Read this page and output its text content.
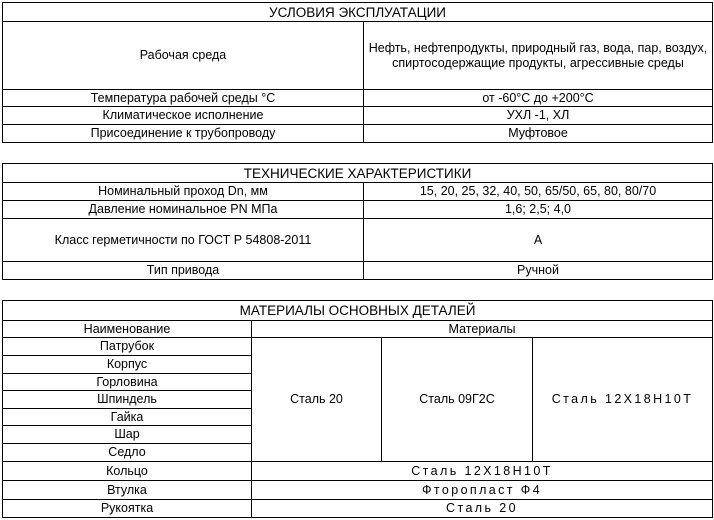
УСЛОВИЯ ЭКСПЛУАТАЦИИ	
Рабочая среда	Нефть, нефтепродукты, природный газ, вода, пар, воздух, спиртосодержащие продукты, агрессивные среды
Температура рабочей среды °С	от -60°С до +200°С
Климатическое исполнение	УХЛ -1, ХЛ
Присоединение к трубопроводу	Муфтовое
ТЕХНИЧЕСКИЕ ХАРАКТЕРИСТИКИ	
Номинальный проход Dn, мм	15, 20, 25, 32, 40, 50, 65/50, 65, 80, 80/70
Давление номинальное PN МПа	1,6; 2,5; 4,0
Класс герметичности по ГОСТ Р 54808-2011	А
Тип привода	Ручной
МАТЕРИАЛЫ ОСНОВНЫХ ДЕТАЛЕЙ			
Наименование	Материалы		
Патрубок	Сталь 20	Сталь 09Г2С	Сталь 12Х18Н10Т
Корпус			
Горловина			
Шпиндель			
Гайка			
Шар			
Седло			
Кольцо	Сталь 12Х18Н10Т		
Втулка	Фторопласт Ф4		
Рукоятка	Сталь 20		
